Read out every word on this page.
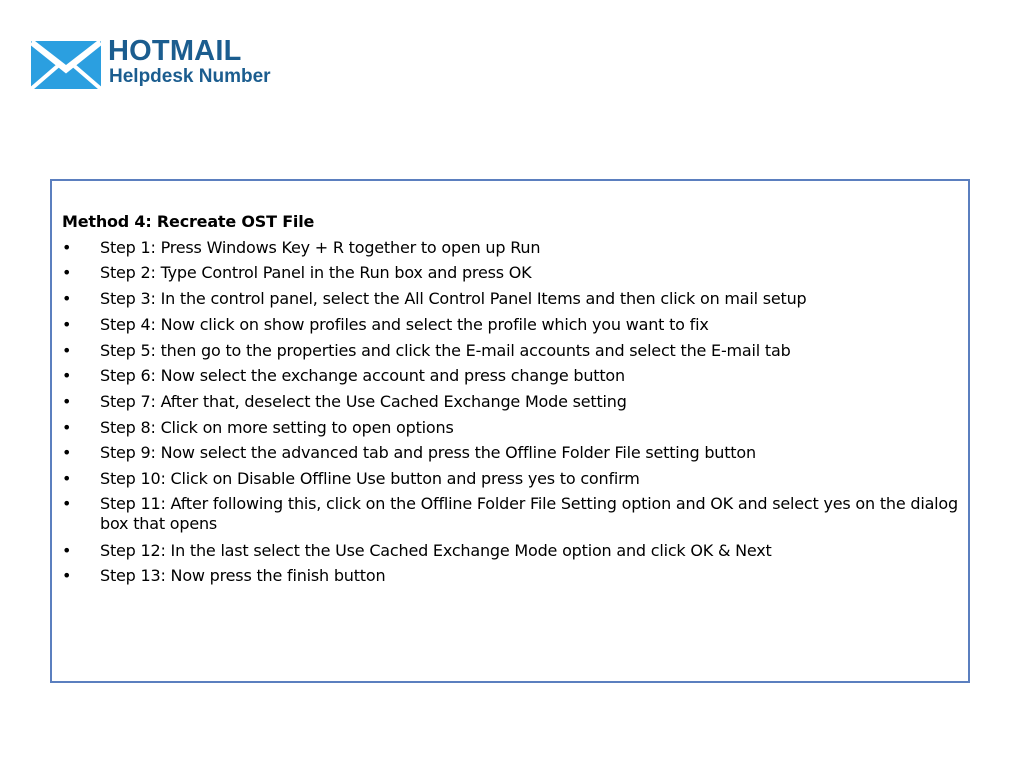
HOTMAIL
Helpdesk Number

Method 4: Recreate OST File

• Step 1: Press Windows Key + R together to open up Run
• Step 2: Type Control Panel in the Run box and press OK
• Step 3: In the control panel, select the All Control Panel Items and then click on mail setup
• Step 4: Now click on show profiles and select the profile which you want to fix
• Step 5: then go to the properties and click the E-mail accounts and select the E-mail tab
• Step 6: Now select the exchange account and press change button
• Step 7: After that, deselect the Use Cached Exchange Mode setting
• Step 8: Click on more setting to open options
• Step 9: Now select the advanced tab and press the Offline Folder File setting button
• Step 10: Click on Disable Offline Use button and press yes to confirm
• Step 11: After following this, click on the Offline Folder File Setting option and OK and select yes on the dialog box that opens
• Step 12: In the last select the Use Cached Exchange Mode option and click OK & Next
• Step 13: Now press the finish button
